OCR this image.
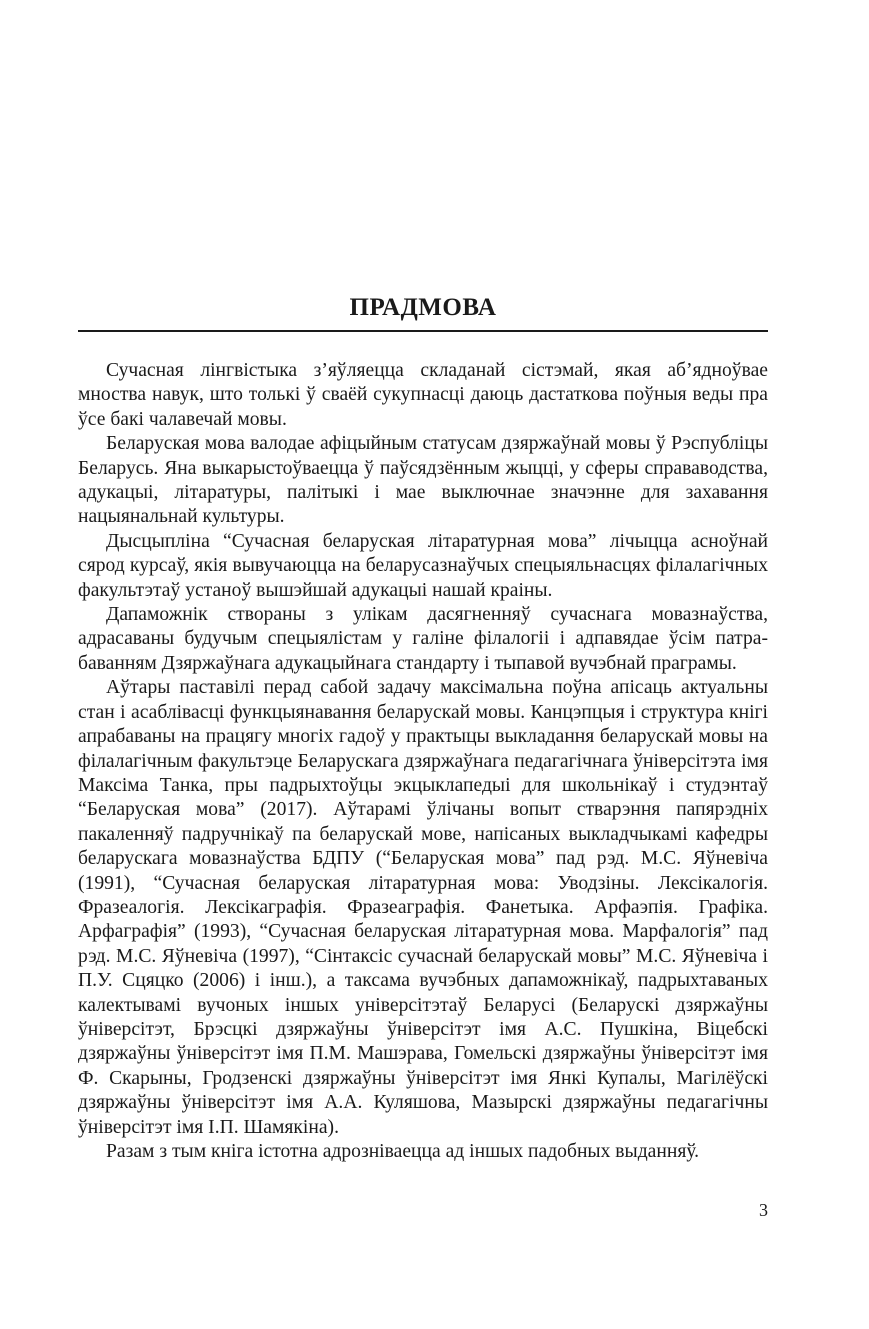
ПРАДМОВА

Сучасная лінгвістыка з’яўляецца складанай сістэмай, якая аб’ядноўвае мноства навук, што толькі ў сваёй сукупнасці даюць дастаткова поўныя веды пра ўсе бакі чалавечай мовы.

Беларуская мова валодае афіцыйным статусам дзяржаўнай мовы ў Рэспубліцы Беларусь. Яна выкарыстоўваецца ў паўсядзённым жыцці, у сферы справаводства, адукацыі, літаратуры, палітыкі і мае выключнае значэнне для захавання нацыянальнай культуры.

Дысцыпліна “Сучасная беларуская літаратурная мова” лічыцца асноўнай сярод курсаў, якія вывучаюцца на беларусазнаўчых спецыяльнасцях філалагічных факультэтаў устаноў вышэйшай адукацыі нашай краіны.

Дапаможнік створаны з улікам дасягненняў сучаснага мовазнаўства, адрасаваны будучым спецыялістам у галіне філалогіі і адпавядае ўсім патрабаванням Дзяржаўнага адукацыйнага стандарту і тыпавой вучэбнай праграмы.

Аўтары паставілі перад сабой задачу максімальна поўна апісаць актуальны стан і асаблівасці функцыянавання беларускай мовы. Канцэпцыя і структура кнігі апрабаваны на працягу многіх гадоў у практыцы выкладання беларускай мовы на філалагічным факультэце Беларускага дзяржаўнага педагагічнага ўніверсітэта імя Максіма Танка, пры падрыхтоўцы экцыклапедыі для школьнікаў і студэнтаў “Беларуская мова” (2017). Аўтарамі ўлічаны вопыт стварэння папярэдніх пакаленняў падручнікаў па беларускай мове, напісаных выкладчыкамі кафедры беларускага мовазнаўства БДПУ (“Беларуская мова” пад рэд. М.С. Яўневіча (1991), “Сучасная беларуская літаратурная мова: Уводзіны. Лексікалогія. Фразеалогія. Лексікаграфія. Фразеаграфія. Фанетыка. Арфаэпія. Графіка. Арфаграфія” (1993), “Сучасная беларуская літаратурная мова. Марфалогія” пад рэд. М.С. Яўневіча (1997), “Сінтаксіс сучаснай беларускай мовы” М.С. Яўневіча і П.У. Сцяцко (2006) і інш.), а таксама вучэбных дапаможнікаў, падрыхтаваных калектывамі вучоных іншых універсітэтаў Беларусі (Беларускі дзяржаўны ўніверсітэт, Брэсцкі дзяржаўны ўніверсітэт імя А.С. Пушкіна, Віцебскі дзяржаўны ўніверсітэт імя П.М. Машэрава, Гомельскі дзяржаўны ўніверсітэт імя Ф. Скарыны, Гродзенскі дзяржаўны ўніверсітэт імя Янкі Купалы, Магілёўскі дзяржаўны ўніверсітэт імя А.А. Куляшова, Мазырскі дзяржаўны педагагічны ўніверсітэт імя І.П. Шамякіна).

Разам з тым кніга істотна адрозніваецца ад іншых падобных выданняў.

3
